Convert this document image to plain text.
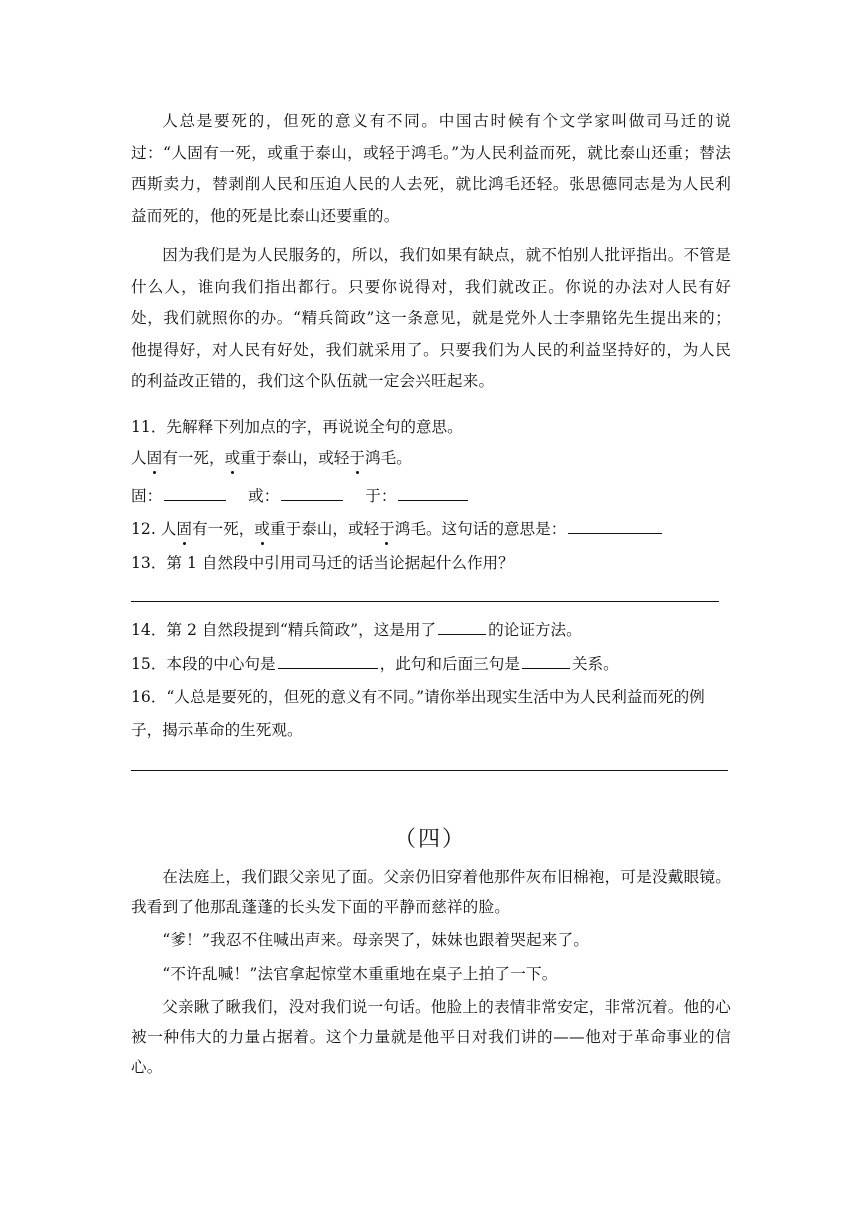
人总是要死的，但死的意义有不同。中国古时候有个文学家叫做司马迁的说过：“人固有一死，或重于泰山，或轻于鸿毛。”为人民利益而死，就比泰山还重；替法西斯卖力，替剥削人民和压迫人民的人去死，就比鸿毛还轻。张思德同志是为人民利益而死的，他的死是比泰山还要重的。

因为我们是为人民服务的，所以，我们如果有缺点，就不怕别人批评指出。不管是什么人，谁向我们指出都行。只要你说得对，我们就改正。你说的办法对人民有好处，我们就照你的办。“精兵简政”这一条意见，就是党外人士李鼎铭先生提出来的；他提得好，对人民有好处，我们就采用了。只要我们为人民的利益坚持好的，为人民的利益改正错的，我们这个队伍就一定会兴旺起来。

11．先解释下列加点的字，再说说全句的意思。

人固有一死，或重于泰山，或轻于鸿毛。

固：	或：	于：

12. 人固有一死，或重于泰山，或轻于鸿毛。这句话的意思是：

13．第 1 自然段中引用司马迁的话当论据起什么作用？

14．第 2 自然段提到“精兵简政”，这是用了	的论证方法。

15．本段的中心句是	，此句和后面三句是	关系。

16．“人总是要死的，但死的意义有不同。”请你举出现实生活中为人民利益而死的例子，揭示革命的生死观。

（四）

在法庭上，我们跟父亲见了面。父亲仍旧穿着他那件灰布旧棉袍，可是没戴眼镜。我看到了他那乱蓬蓬的长头发下面的平静而慈祥的脸。

“爹！”我忍不住喊出声来。母亲哭了，妹妹也跟着哭起来了。

“不许乱喊！”法官拿起惊堂木重重地在桌子上拍了一下。

父亲瞅了瞅我们，没对我们说一句话。他脸上的表情非常安定，非常沉着。他的心被一种伟大的力量占据着。这个力量就是他平日对我们讲的——他对于革命事业的信心。
